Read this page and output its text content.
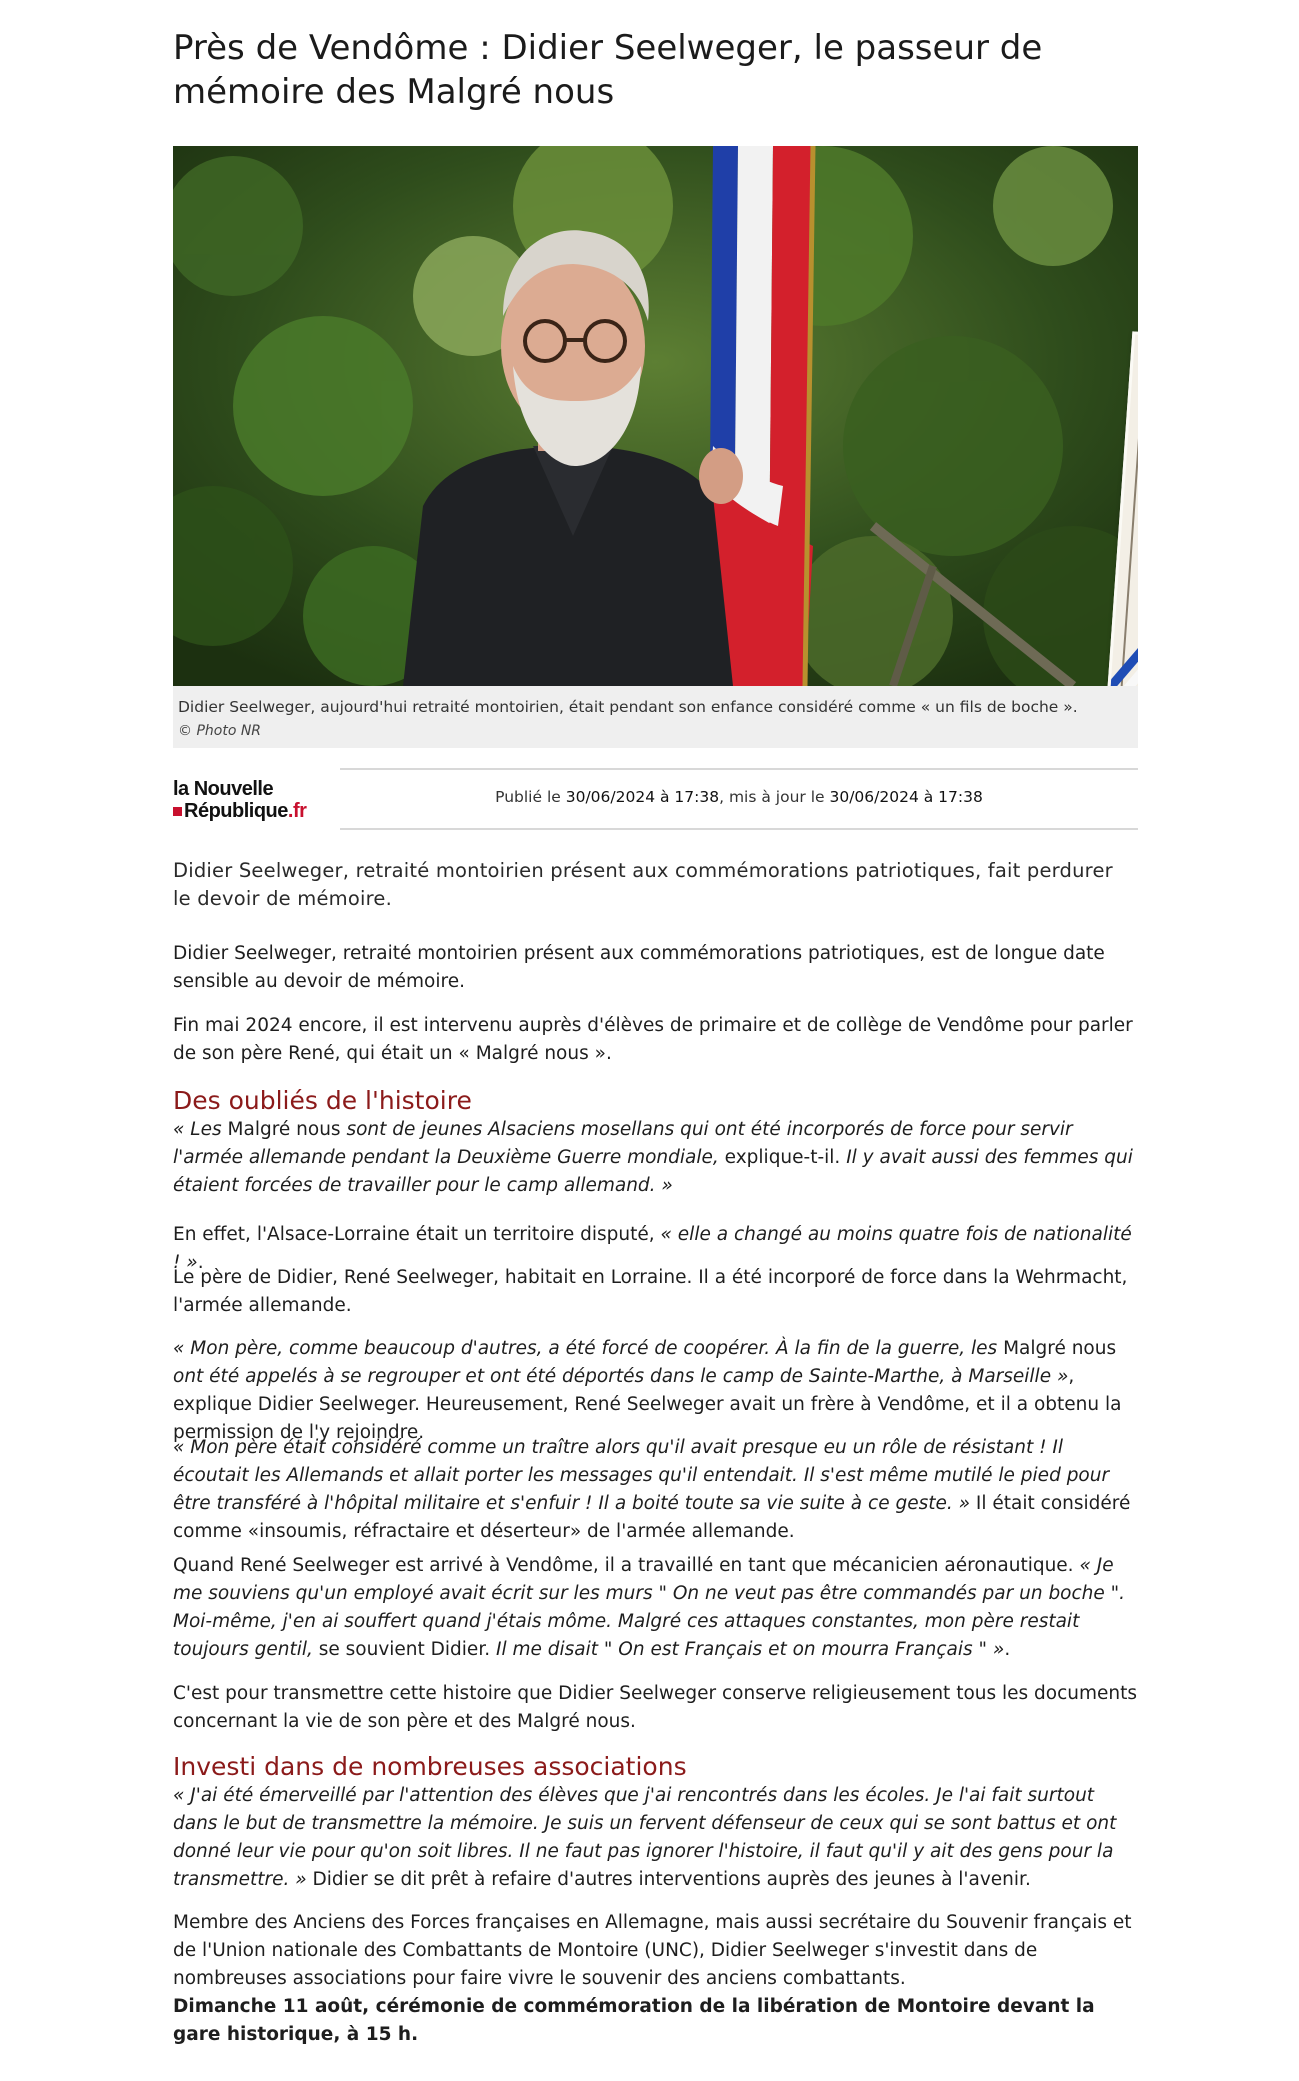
Près de Vendôme : Didier Seelweger, le passeur de mémoire des Malgré nous
Didier Seelweger, aujourd'hui retraité montoirien, était pendant son enfance considéré comme « un fils de boche ».
© Photo NR
la Nouvelle
République.fr
Publié le 30/06/2024 à 17:38, mis à jour le 30/06/2024 à 17:38
Didier Seelweger, retraité montoirien présent aux commémorations patriotiques, fait perdurer le devoir de mémoire.

Didier Seelweger, retraité montoirien présent aux commémorations patriotiques, est de longue date sensible au devoir de mémoire.

Fin mai 2024 encore, il est intervenu auprès d'élèves de primaire et de collège de Vendôme pour parler de son père René, qui était un « Malgré nous ».

Des oubliés de l'histoire

« Les Malgré nous sont de jeunes Alsaciens mosellans qui ont été incorporés de force pour servir l'armée allemande pendant la Deuxième Guerre mondiale, explique-t-il. Il y avait aussi des femmes qui étaient forcées de travailler pour le camp allemand. »

En effet, l'Alsace-Lorraine était un territoire disputé, « elle a changé au moins quatre fois de nationalité ! ».

Le père de Didier, René Seelweger, habitait en Lorraine. Il a été incorporé de force dans la Wehrmacht, l'armée allemande.

« Mon père, comme beaucoup d'autres, a été forcé de coopérer. À la fin de la guerre, les Malgré nous ont été appelés à se regrouper et ont été déportés dans le camp de Sainte-Marthe, à Marseille », explique Didier Seelweger. Heureusement, René Seelweger avait un frère à Vendôme, et il a obtenu la permission de l'y rejoindre.

« Mon père était considéré comme un traître alors qu'il avait presque eu un rôle de résistant ! Il écoutait les Allemands et allait porter les messages qu'il entendait. Il s'est même mutilé le pied pour être transféré à l'hôpital militaire et s'enfuir ! Il a boité toute sa vie suite à ce geste. » Il était considéré comme «insoumis, réfractaire et déserteur» de l'armée allemande.

Quand René Seelweger est arrivé à Vendôme, il a travaillé en tant que mécanicien aéronautique. « Je me souviens qu'un employé avait écrit sur les murs " On ne veut pas être commandés par un boche ". Moi-même, j'en ai souffert quand j'étais môme. Malgré ces attaques constantes, mon père restait toujours gentil, se souvient Didier. Il me disait " On est Français et on mourra Français " ».

C'est pour transmettre cette histoire que Didier Seelweger conserve religieusement tous les documents concernant la vie de son père et des Malgré nous.

Investi dans de nombreuses associations

« J'ai été émerveillé par l'attention des élèves que j'ai rencontrés dans les écoles. Je l'ai fait surtout dans le but de transmettre la mémoire. Je suis un fervent défenseur de ceux qui se sont battus et ont donné leur vie pour qu'on soit libres. Il ne faut pas ignorer l'histoire, il faut qu'il y ait des gens pour la transmettre. » Didier se dit prêt à refaire d'autres interventions auprès des jeunes à l'avenir.

Membre des Anciens des Forces françaises en Allemagne, mais aussi secrétaire du Souvenir français et de l'Union nationale des Combattants de Montoire (UNC), Didier Seelweger s'investit dans de nombreuses associations pour faire vivre le souvenir des anciens combattants.

Dimanche 11 août, cérémonie de commémoration de la libération de Montoire devant la gare historique, à 15 h.
